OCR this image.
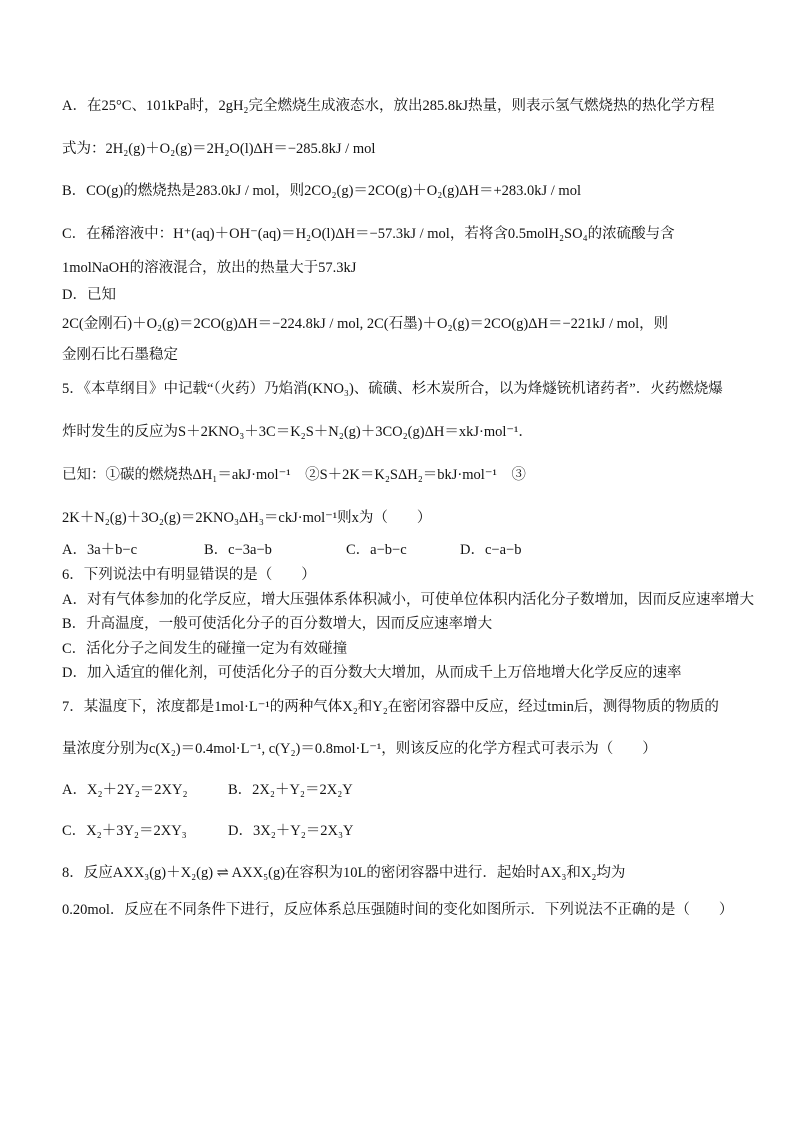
A．在25°C、101kPa时，2gH₂完全燃烧生成液态水，放出285.8kJ热量，则表示氢气燃烧热的热化学方程
式为：2H₂(g)＋O₂(g)＝2H₂O(l)ΔH＝−285.8kJ / mol
B．CO(g)的燃烧热是283.0kJ / mol，则2CO₂(g)＝2CO(g)＋O₂(g)ΔH＝+283.0kJ / mol
C．在稀溶液中：H⁺(aq)＋OH⁻(aq)＝H₂O(l)ΔH＝−57.3kJ / mol，若将含0.5molH₂SO₄的浓硫酸与含
1molNaOH的溶液混合，放出的热量大于57.3kJ
D．已知
2C(金刚石)＋O₂(g)＝2CO(g)ΔH＝−224.8kJ / mol, 2C(石墨)＋O₂(g)＝2CO(g)ΔH＝−221kJ / mol，则
金刚石比石墨稳定
5．《本草纲目》中记载“（火药）乃焰消(KNO₃)、硫磺、杉木炭所合，以为烽燧铳机诸药者”．火药燃烧爆
炸时发生的反应为S＋2KNO₃＋3C＝K₂S＋N₂(g)＋3CO₂(g)ΔH＝xkJ·mol⁻¹．
已知：①碳的燃烧热ΔH₁＝akJ·mol⁻¹　②S＋2K＝K₂SΔH₂＝bkJ·mol⁻¹　③
2K＋N₂(g)＋3O₂(g)＝2KNO₃ΔH₃＝ckJ·mol⁻¹则x为（　　）
A．3a＋b−c	B．c−3a−b	C．a−b−c	D．c−a−b
6．下列说法中有明显错误的是（　　）
A．对有气体参加的化学反应，增大压强体系体积减小，可使单位体积内活化分子数增加，因而反应速率增大
B．升高温度，一般可使活化分子的百分数增大，因而反应速率增大
C．活化分子之间发生的碰撞一定为有效碰撞
D．加入适宜的催化剂，可使活化分子的百分数大大增加，从而成千上万倍地增大化学反应的速率
7．某温度下，浓度都是1mol·L⁻¹的两种气体X₂和Y₂在密闭容器中反应，经过tmin后，测得物质的物质的
量浓度分别为c(X₂)＝0.4mol·L⁻¹, c(Y₂)＝0.8mol·L⁻¹，则该反应的化学方程式可表示为（　　）
A．X₂＋2Y₂＝2XY₂	B．2X₂＋Y₂＝2X₂Y
C．X₂＋3Y₂＝2XY₃	D．3X₂＋Y₂＝2X₃Y
8．反应AXX₃(g)＋X₂(g) ⇌ AXX₅(g)在容积为10L的密闭容器中进行．起始时AX₃和X₂均为
0.20mol．反应在不同条件下进行，反应体系总压强随时间的变化如图所示．下列说法不正确的是（　　）
